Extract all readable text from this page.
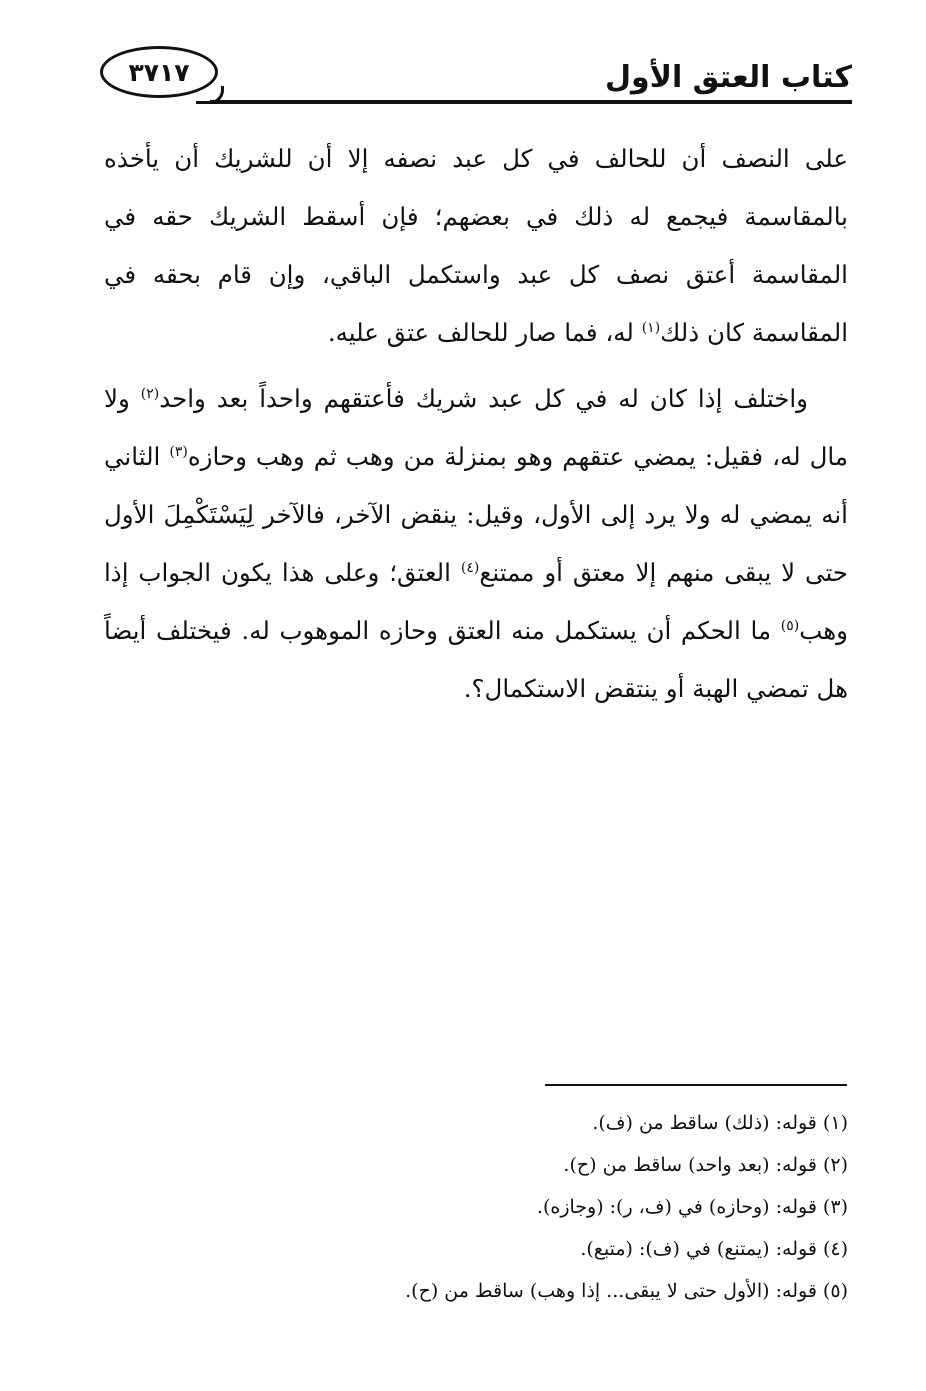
كتاب العتق الأول
٣٧١٧

على النصف أن للحالف في كل عبد نصفه إلا أن للشريك أن يأخذه بالمقاسمة فيجمع له ذلك في بعضهم؛ فإن أسقط الشريك حقه في المقاسمة أعتق نصف كل عبد واستكمل الباقي، وإن قام بحقه في المقاسمة كان ذلك$^{(١)}$ له، فما صار للحالف عتق عليه.

واختلف إذا كان له في كل عبد شريك فأعتقهم واحداً بعد واحد$^{(٢)}$ ولا مال له، فقيل: يمضي عتقهم وهو بمنزلة من وهب ثم وهب وحازه$^{(٣)}$ الثاني أنه يمضي له ولا يرد إلى الأول، وقيل: ينقض الآخر، فالآخر لِيَسْتَكْمِلَ الأول حتى لا يبقى منهم إلا معتق أو ممتنع$^{(٤)}$ العتق؛ وعلى هذا يكون الجواب إذا وهب$^{(٥)}$ ما الحكم أن يستكمل منه العتق وحازه الموهوب له. فيختلف أيضاً هل تمضي الهبة أو ينتقض الاستكمال؟.

(١) قوله: (ذلك) ساقط من (ف).
(٢) قوله: (بعد واحد) ساقط من (ح).
(٣) قوله: (وحازه) في (ف، ر): (وجازه).
(٤) قوله: (يمتنع) في (ف): (متبع).
(٥) قوله: (الأول حتى لا يبقى... إذا وهب) ساقط من (ح).
